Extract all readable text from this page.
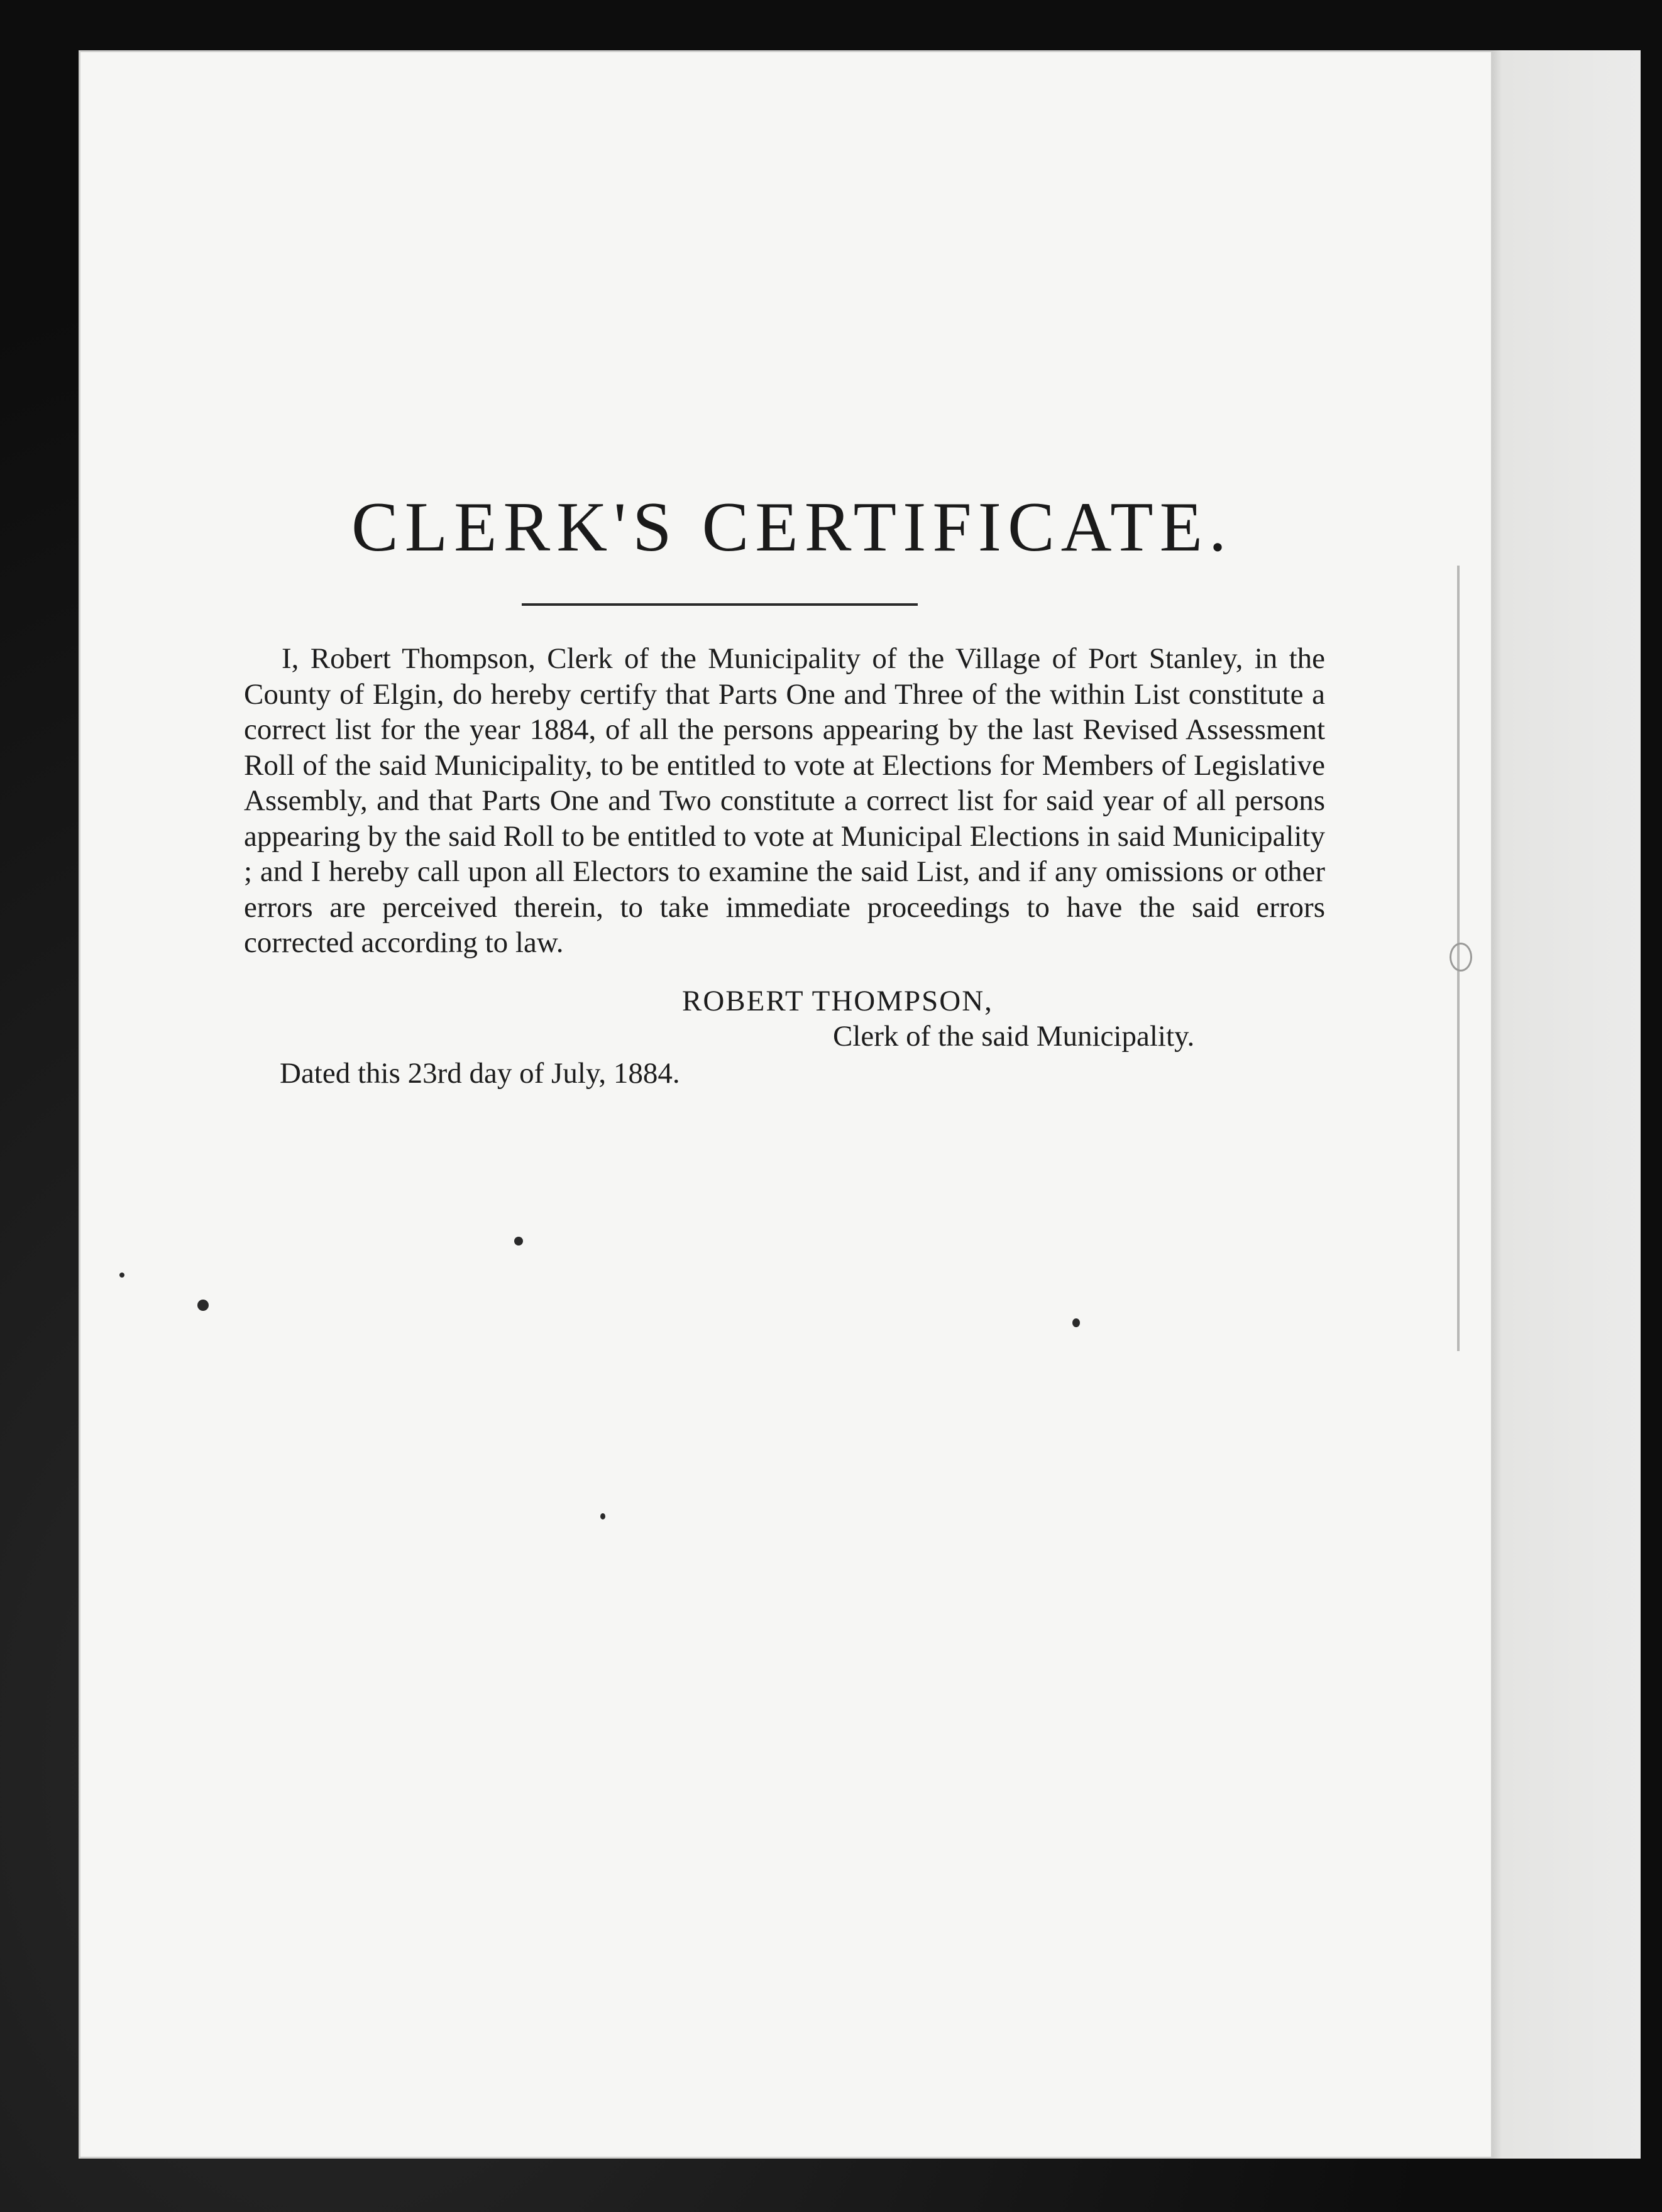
CLERK'S CERTIFICATE.

I, Robert Thompson, Clerk of the Municipality of the Village of Port Stanley, in the County of Elgin, do hereby certify that Parts One and Three of the within List constitute a correct list for the year 1884, of all the persons appearing by the last Revised Assessment Roll of the said Municipality, to be entitled to vote at Elections for Members of Legislative Assembly, and that Parts One and Two constitute a correct list for said year of all persons appearing by the said Roll to be entitled to vote at Municipal Elections in said Municipality ; and I hereby call upon all Electors to examine the said List, and if any omissions or other errors are perceived therein, to take immediate proceedings to have the said errors corrected according to law.

ROBERT THOMPSON,
Clerk of the said Municipality.
Dated this 23rd day of July, 1884.
